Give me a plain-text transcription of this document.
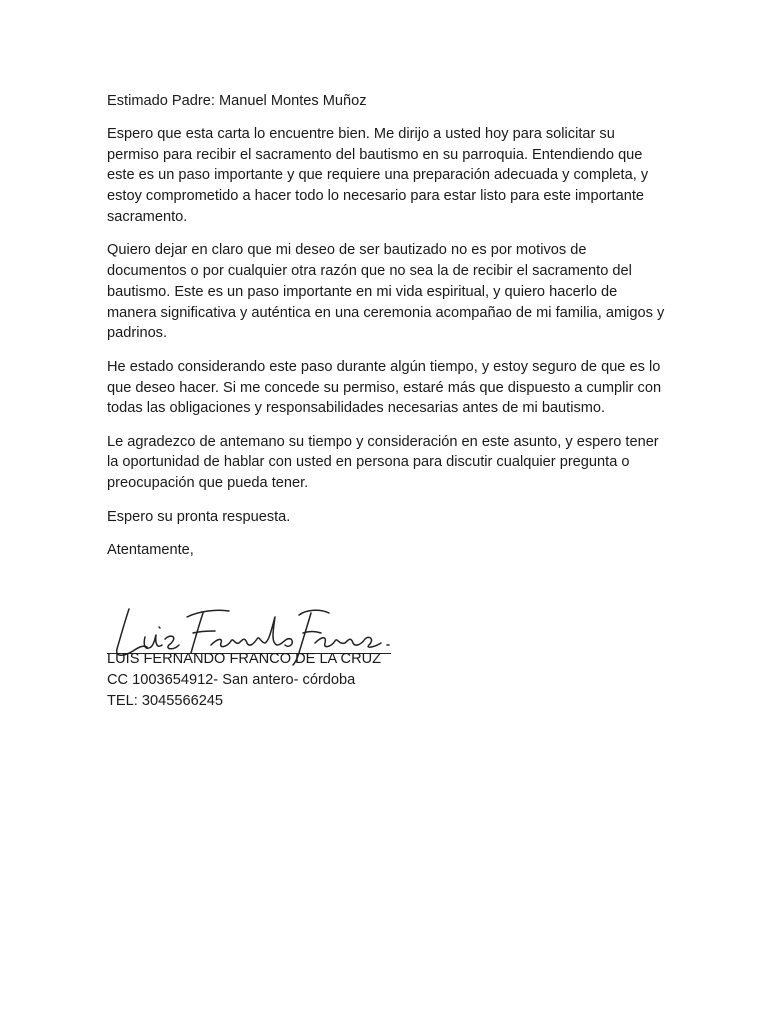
Estimado Padre: Manuel Montes Muñoz

Espero que esta carta lo encuentre bien. Me dirijo a usted hoy para solicitar su permiso para recibir el sacramento del bautismo en su parroquia. Entendiendo que este es un paso importante y que requiere una preparación adecuada y completa, y estoy comprometido a hacer todo lo necesario para estar listo para este importante sacramento.

Quiero dejar en claro que mi deseo de ser bautizado no es por motivos de documentos o por cualquier otra razón que no sea la de recibir el sacramento del bautismo. Este es un paso importante en mi vida espiritual, y quiero hacerlo de manera significativa y auténtica en una ceremonia acompañao de mi familia, amigos y padrinos.

He estado considerando este paso durante algún tiempo, y estoy seguro de que es lo que deseo hacer. Si me concede su permiso, estaré más que dispuesto a cumplir con todas las obligaciones y responsabilidades necesarias antes de mi bautismo.

Le agradezco de antemano su tiempo y consideración en este asunto, y espero tener la oportunidad de hablar con usted en persona para discutir cualquier pregunta o preocupación que pueda tener.

Espero su pronta respuesta.

Atentamente,

LUIS FERNANDO FRANCO DE LA CRUZ
CC 1003654912- San antero- córdoba
TEL: 3045566245
